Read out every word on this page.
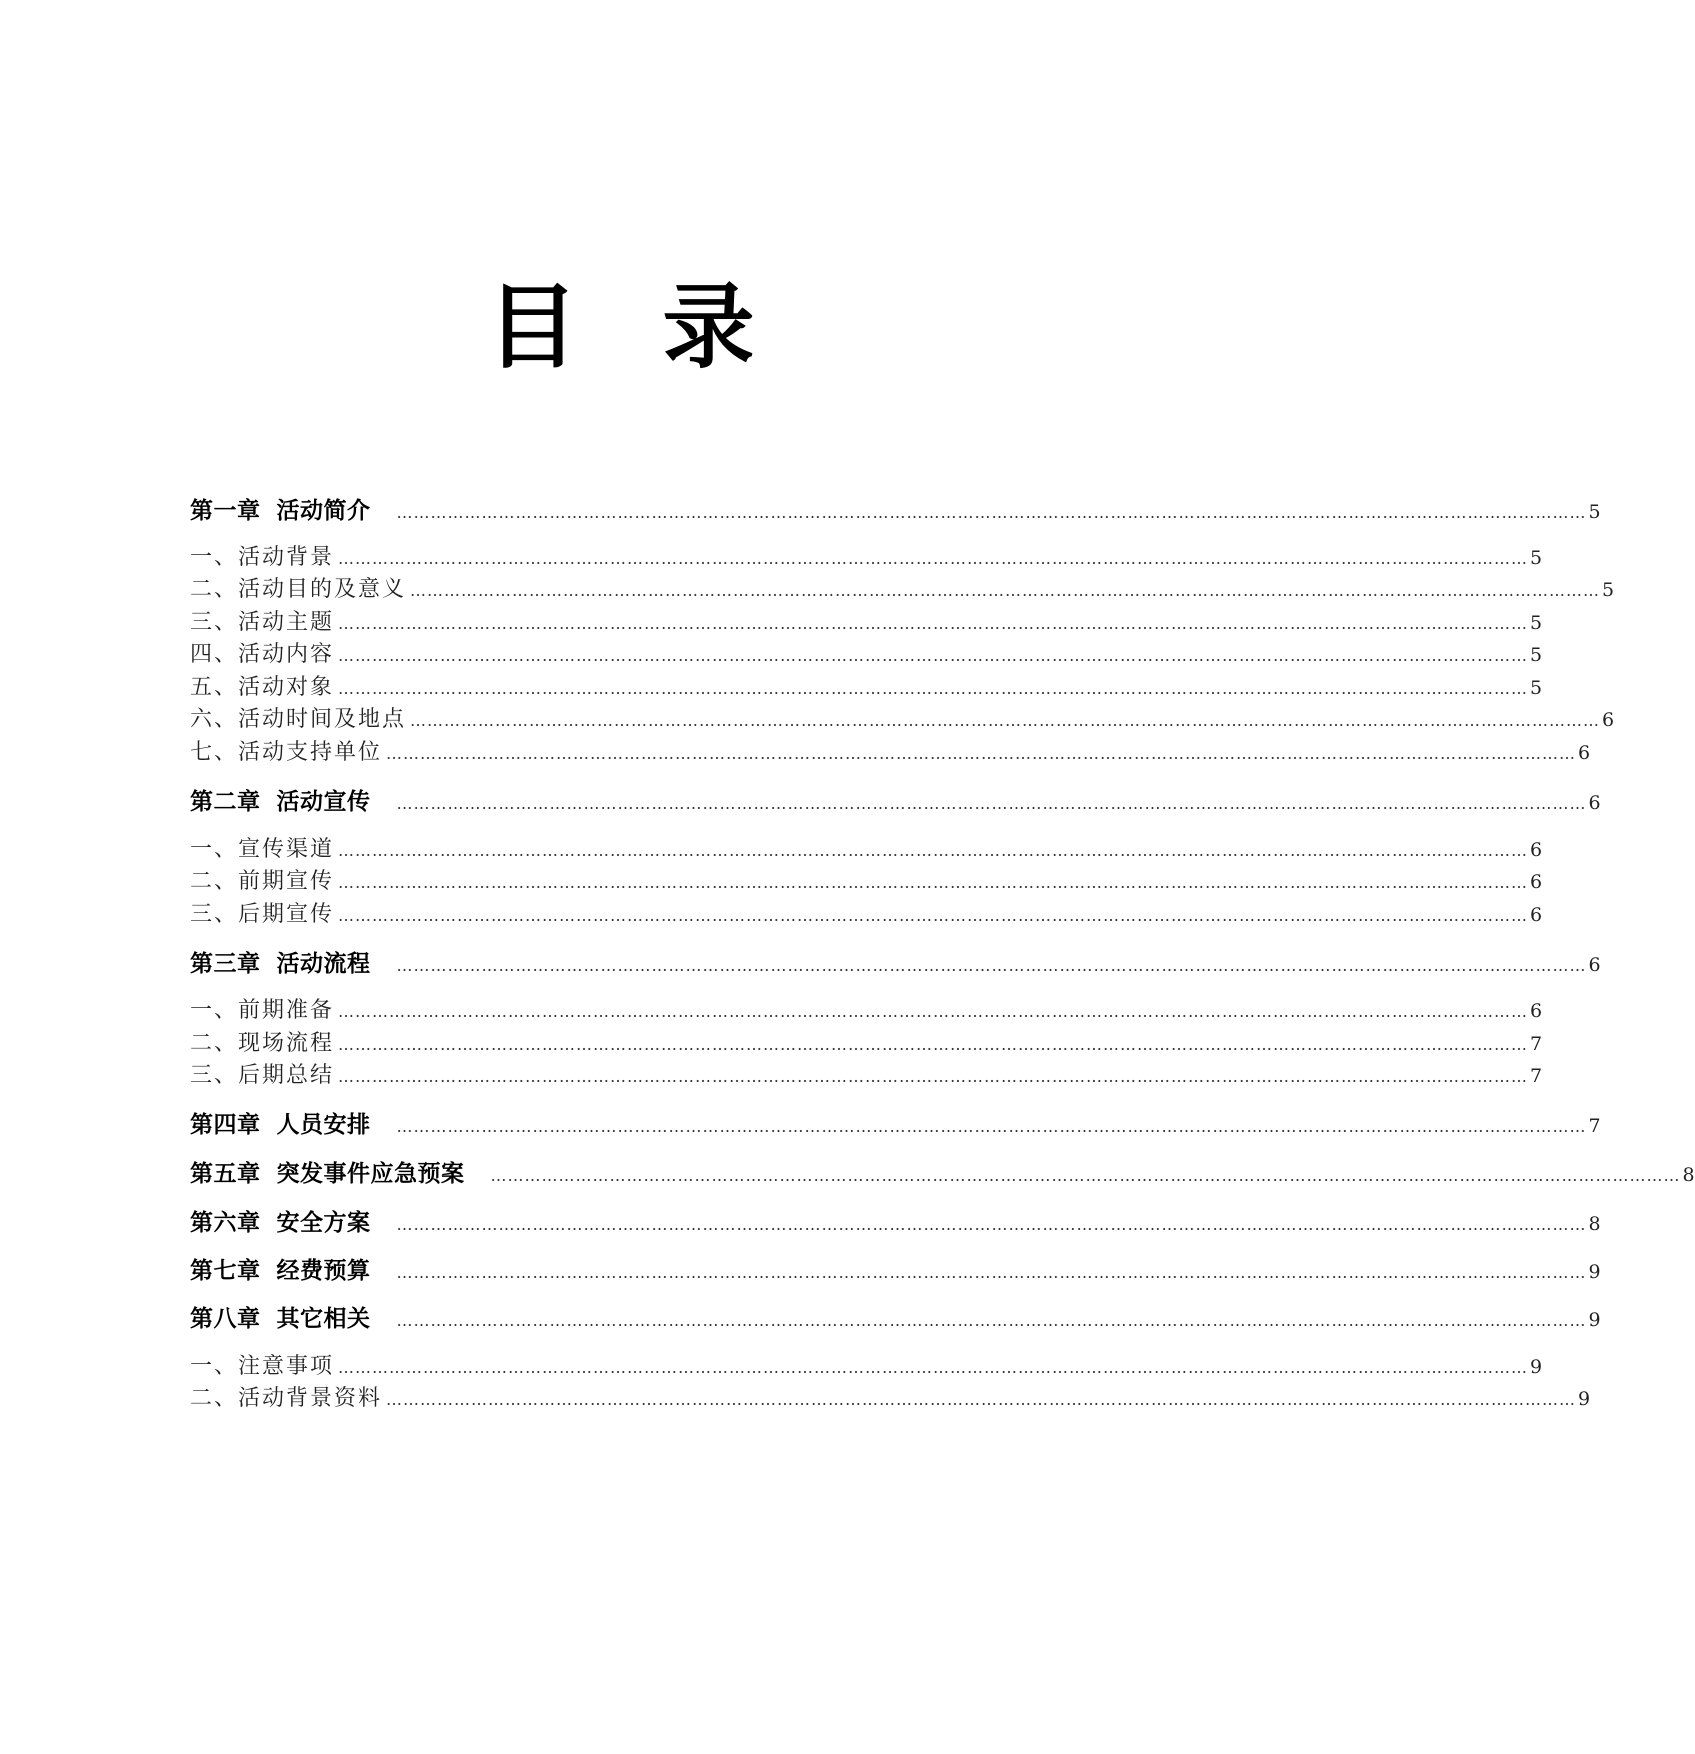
目 录
第一章 活动简介 ………………………………………………………………………………………………………………………………………………………………………………………… 5
一、活动背景 ………………………………………………………………………………………………………………………………………………………………………………………… 5
二、活动目的及意义 ………………………………………………………………………………………………………………………………………………………………………………………… 5
三、活动主题 ………………………………………………………………………………………………………………………………………………………………………………………… 5
四、活动内容 ………………………………………………………………………………………………………………………………………………………………………………………… 5
五、活动对象 ………………………………………………………………………………………………………………………………………………………………………………………… 5
六、活动时间及地点 ………………………………………………………………………………………………………………………………………………………………………………………… 6
七、活动支持单位 ………………………………………………………………………………………………………………………………………………………………………………………… 6
第二章 活动宣传 ………………………………………………………………………………………………………………………………………………………………………………………… 6
一、宣传渠道 ………………………………………………………………………………………………………………………………………………………………………………………… 6
二、前期宣传 ………………………………………………………………………………………………………………………………………………………………………………………… 6
三、后期宣传 ………………………………………………………………………………………………………………………………………………………………………………………… 6
第三章 活动流程 ………………………………………………………………………………………………………………………………………………………………………………………… 6
一、前期准备 ………………………………………………………………………………………………………………………………………………………………………………………… 6
二、现场流程 ………………………………………………………………………………………………………………………………………………………………………………………… 7
三、后期总结 ………………………………………………………………………………………………………………………………………………………………………………………… 7
第四章 人员安排 ………………………………………………………………………………………………………………………………………………………………………………………… 7
第五章 突发事件应急预案 ………………………………………………………………………………………………………………………………………………………………………………………… 8
第六章 安全方案 ………………………………………………………………………………………………………………………………………………………………………………………… 8
第七章 经费预算 ………………………………………………………………………………………………………………………………………………………………………………………… 9
第八章 其它相关 ………………………………………………………………………………………………………………………………………………………………………………………… 9
一、注意事项 ………………………………………………………………………………………………………………………………………………………………………………………… 9
二、活动背景资料 ………………………………………………………………………………………………………………………………………………………………………………………… 9
